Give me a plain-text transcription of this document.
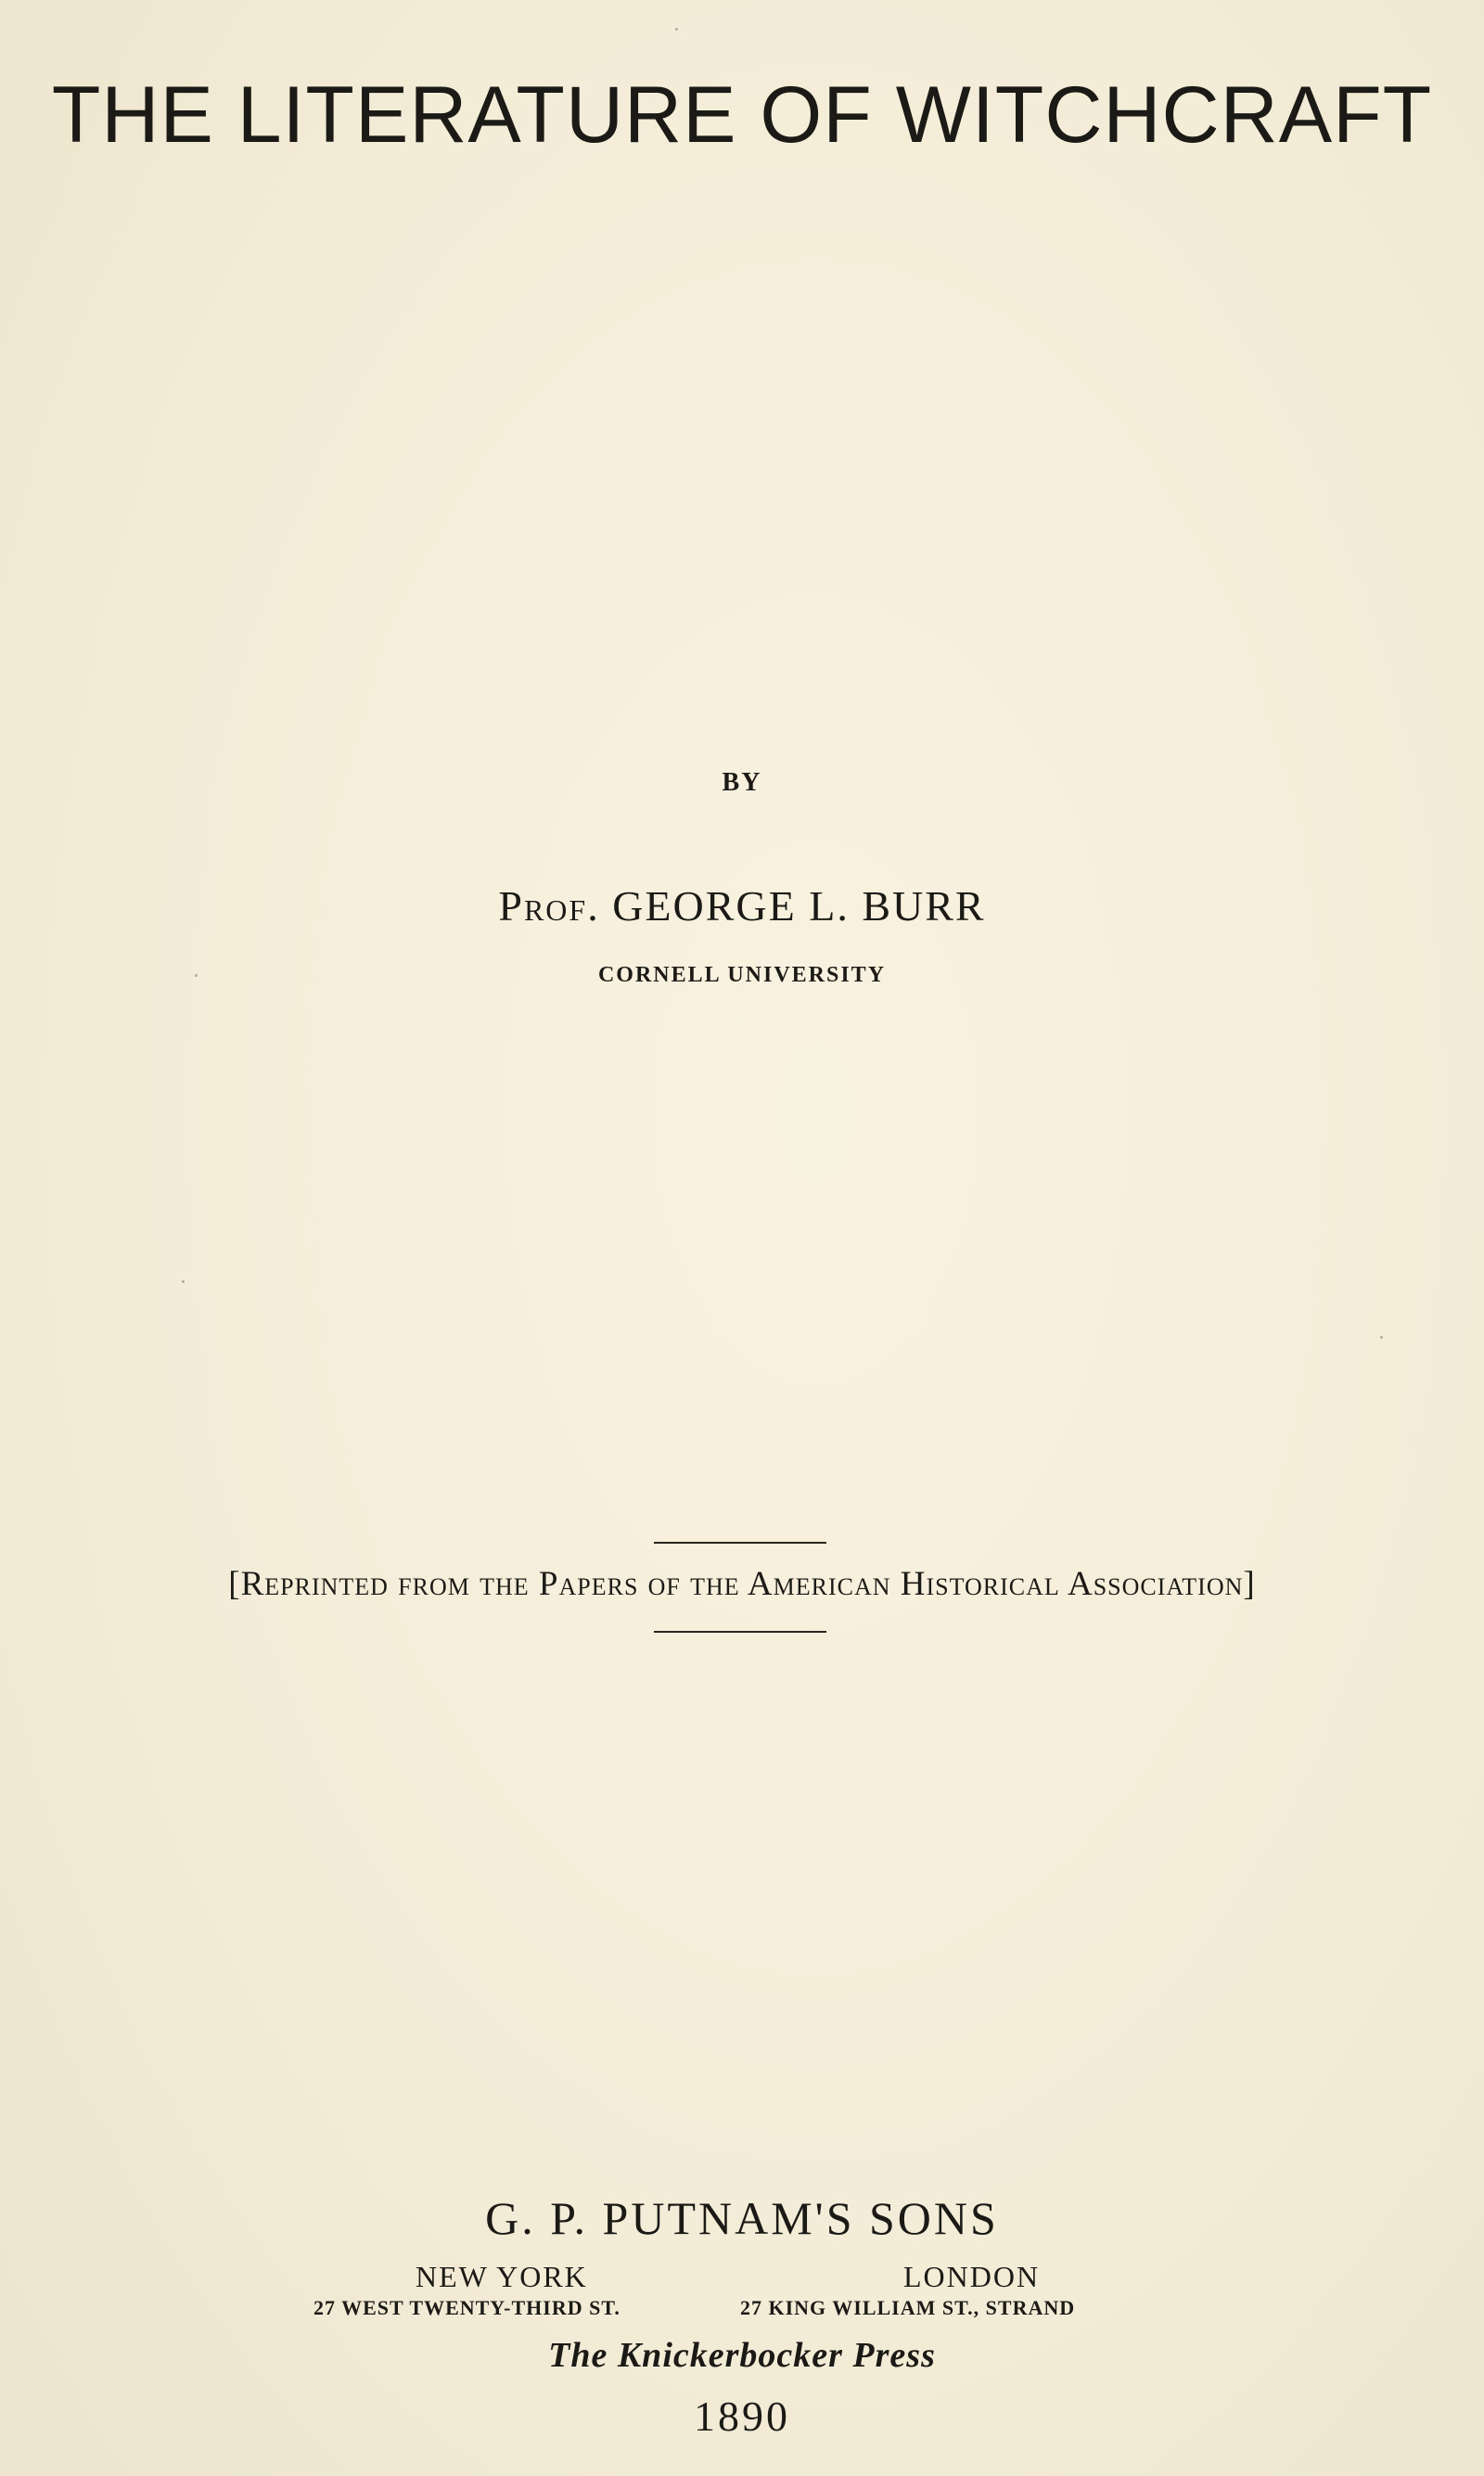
THE LITERATURE OF WITCHCRAFT
BY
Prof. GEORGE L. BURR
CORNELL UNIVERSITY
[Reprinted from the Papers of the American Historical Association]
G. P. PUTNAM'S SONS
NEW YORK	LONDON
27 WEST TWENTY-THIRD ST.	27 KING WILLIAM ST., STRAND
The Knickerbocker Press
1890
